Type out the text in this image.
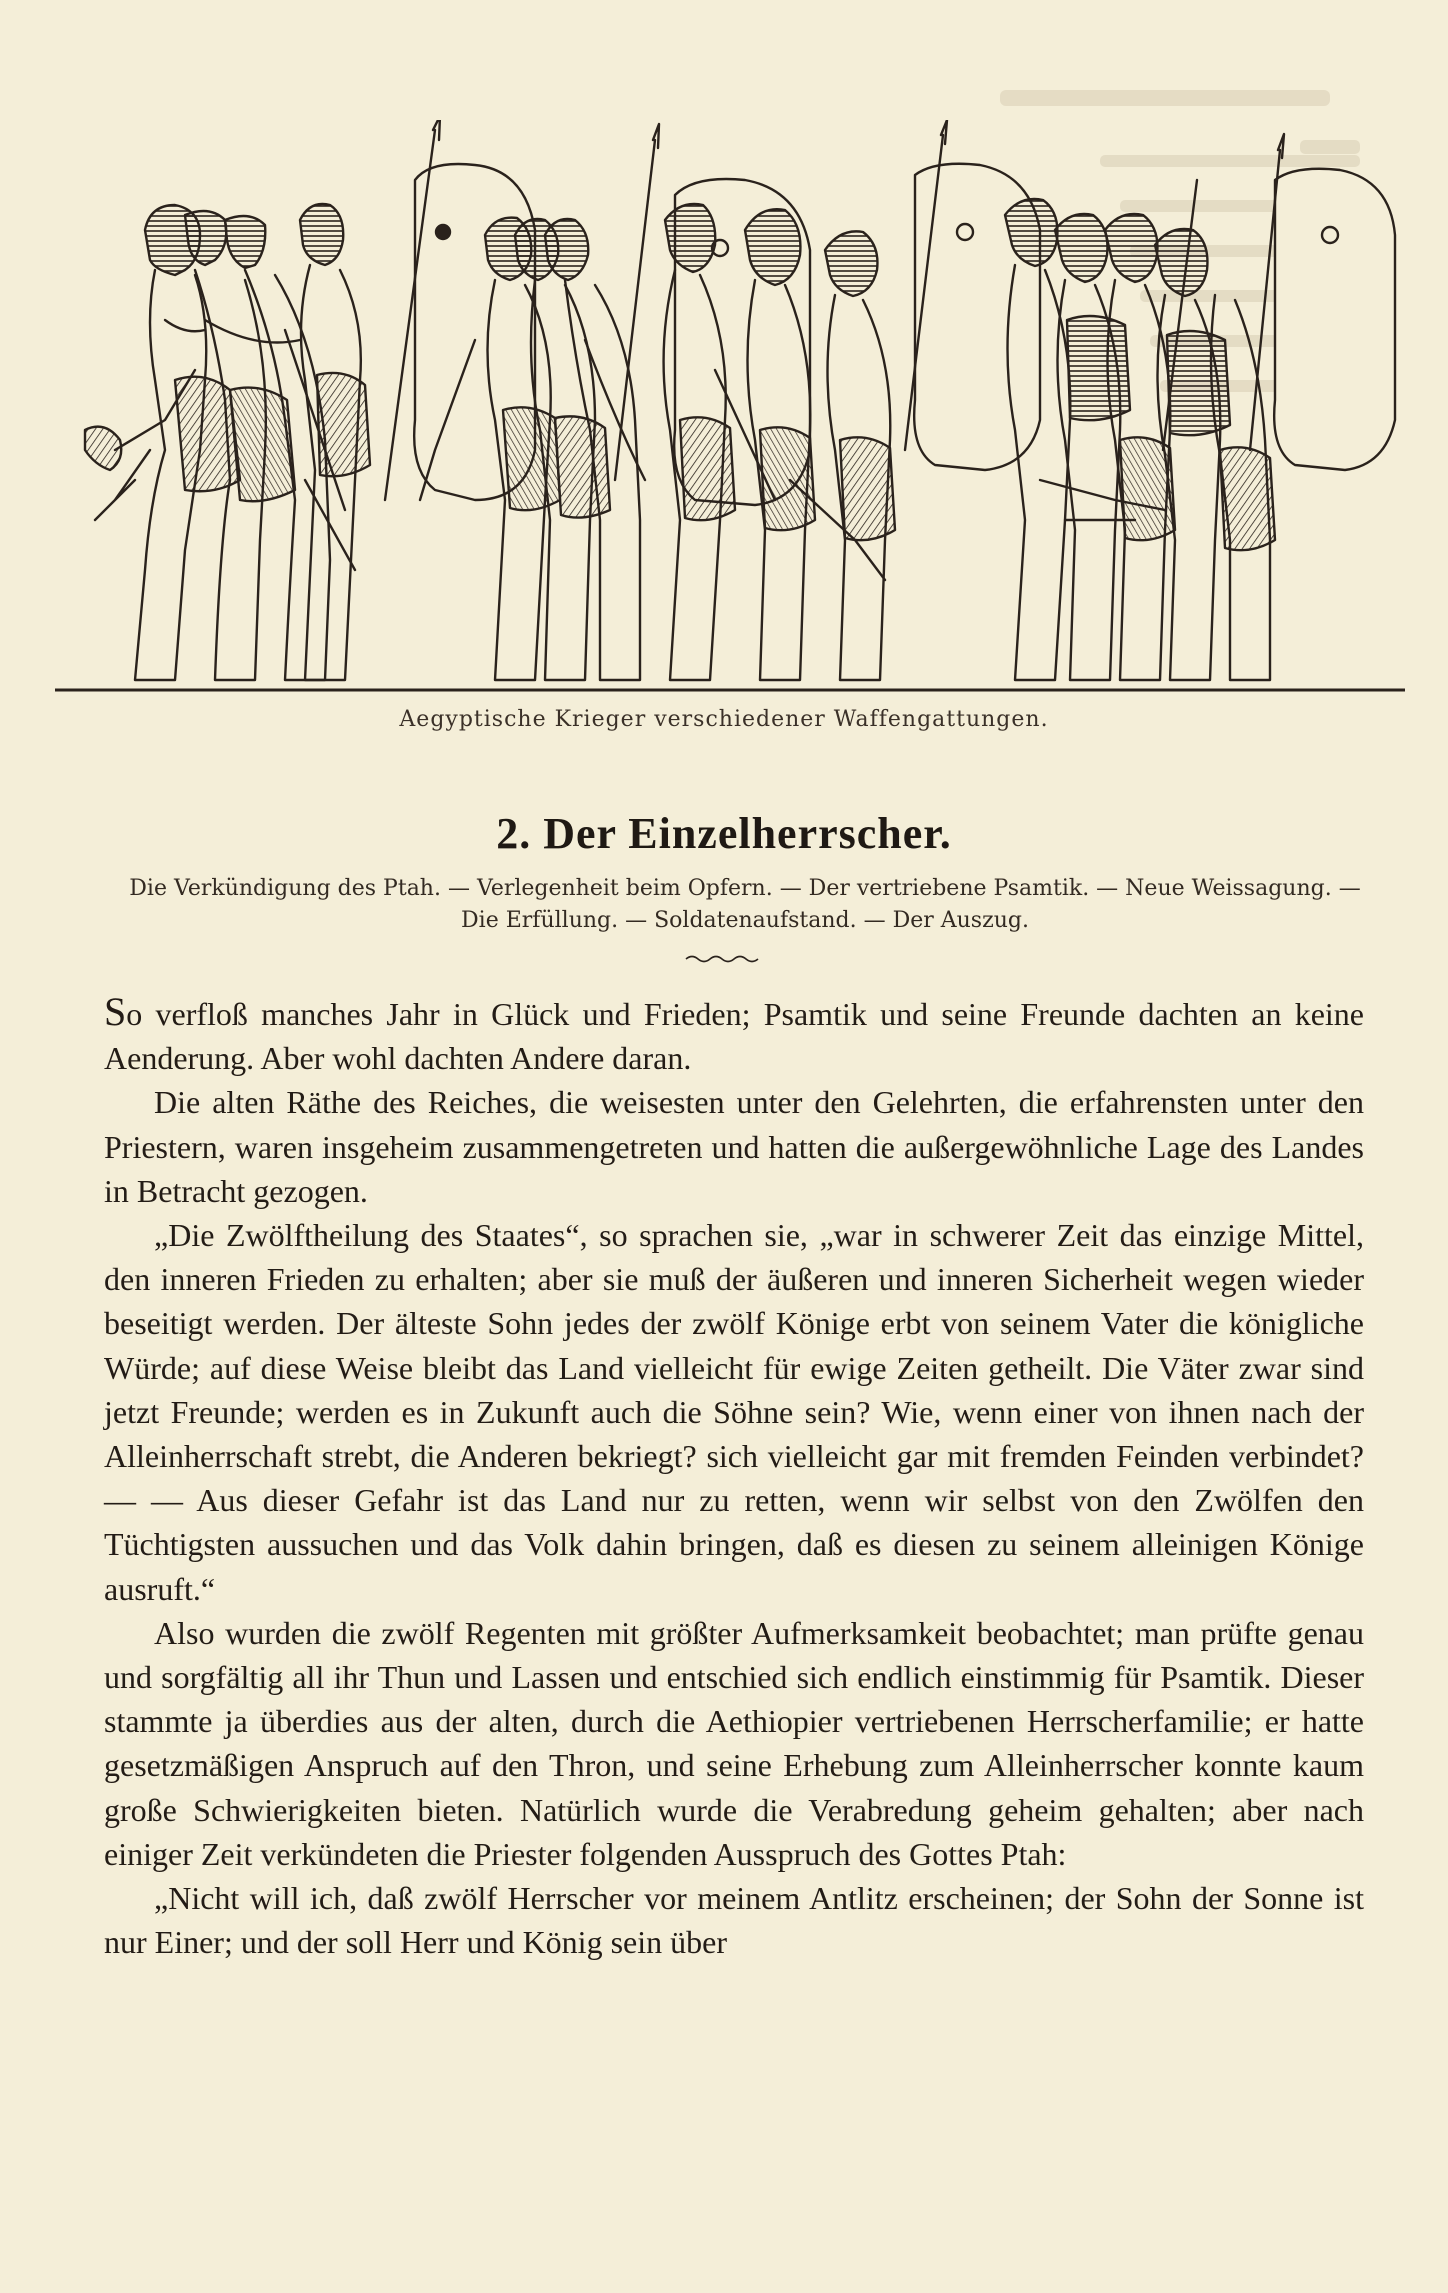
Aegyptische Krieger verschiedener Waffengattungen.
2. Der Einzelherrscher.
Die Verkündigung des Ptah. — Verlegenheit beim Opfern. — Der vertriebene Psamtik. — Neue Weissagung. — Die Erfüllung. — Soldatenaufstand. — Der Auszug.

So verfloß manches Jahr in Glück und Frieden; Psamtik und seine Freunde dachten an keine Aenderung. Aber wohl dachten Andere daran.

Die alten Räthe des Reiches, die weisesten unter den Gelehrten, die erfahrensten unter den Priestern, waren insgeheim zusammengetreten und hatten die außergewöhnliche Lage des Landes in Betracht gezogen.

„Die Zwölftheilung des Staates“, so sprachen sie, „war in schwerer Zeit das einzige Mittel, den inneren Frieden zu erhalten; aber sie muß der äußeren und inneren Sicherheit wegen wieder beseitigt werden. Der älteste Sohn jedes der zwölf Könige erbt von seinem Vater die königliche Würde; auf diese Weise bleibt das Land vielleicht für ewige Zeiten getheilt. Die Väter zwar sind jetzt Freunde; werden es in Zukunft auch die Söhne sein? Wie, wenn einer von ihnen nach der Alleinherrschaft strebt, die Anderen bekriegt? sich vielleicht gar mit fremden Feinden verbindet? — — Aus dieser Gefahr ist das Land nur zu retten, wenn wir selbst von den Zwölfen den Tüchtigsten aussuchen und das Volk dahin bringen, daß es diesen zu seinem alleinigen Könige ausruft.“

Also wurden die zwölf Regenten mit größter Aufmerksamkeit beobachtet; man prüfte genau und sorgfältig all ihr Thun und Lassen und entschied sich endlich einstimmig für Psamtik. Dieser stammte ja überdies aus der alten, durch die Aethiopier vertriebenen Herrscherfamilie; er hatte gesetzmäßigen Anspruch auf den Thron, und seine Erhebung zum Alleinherrscher konnte kaum große Schwierigkeiten bieten. Natürlich wurde die Verabredung geheim gehalten; aber nach einiger Zeit verkündeten die Priester folgenden Ausspruch des Gottes Ptah:

„Nicht will ich, daß zwölf Herrscher vor meinem Antlitz erscheinen; der Sohn der Sonne ist nur Einer; und der soll Herr und König sein über
